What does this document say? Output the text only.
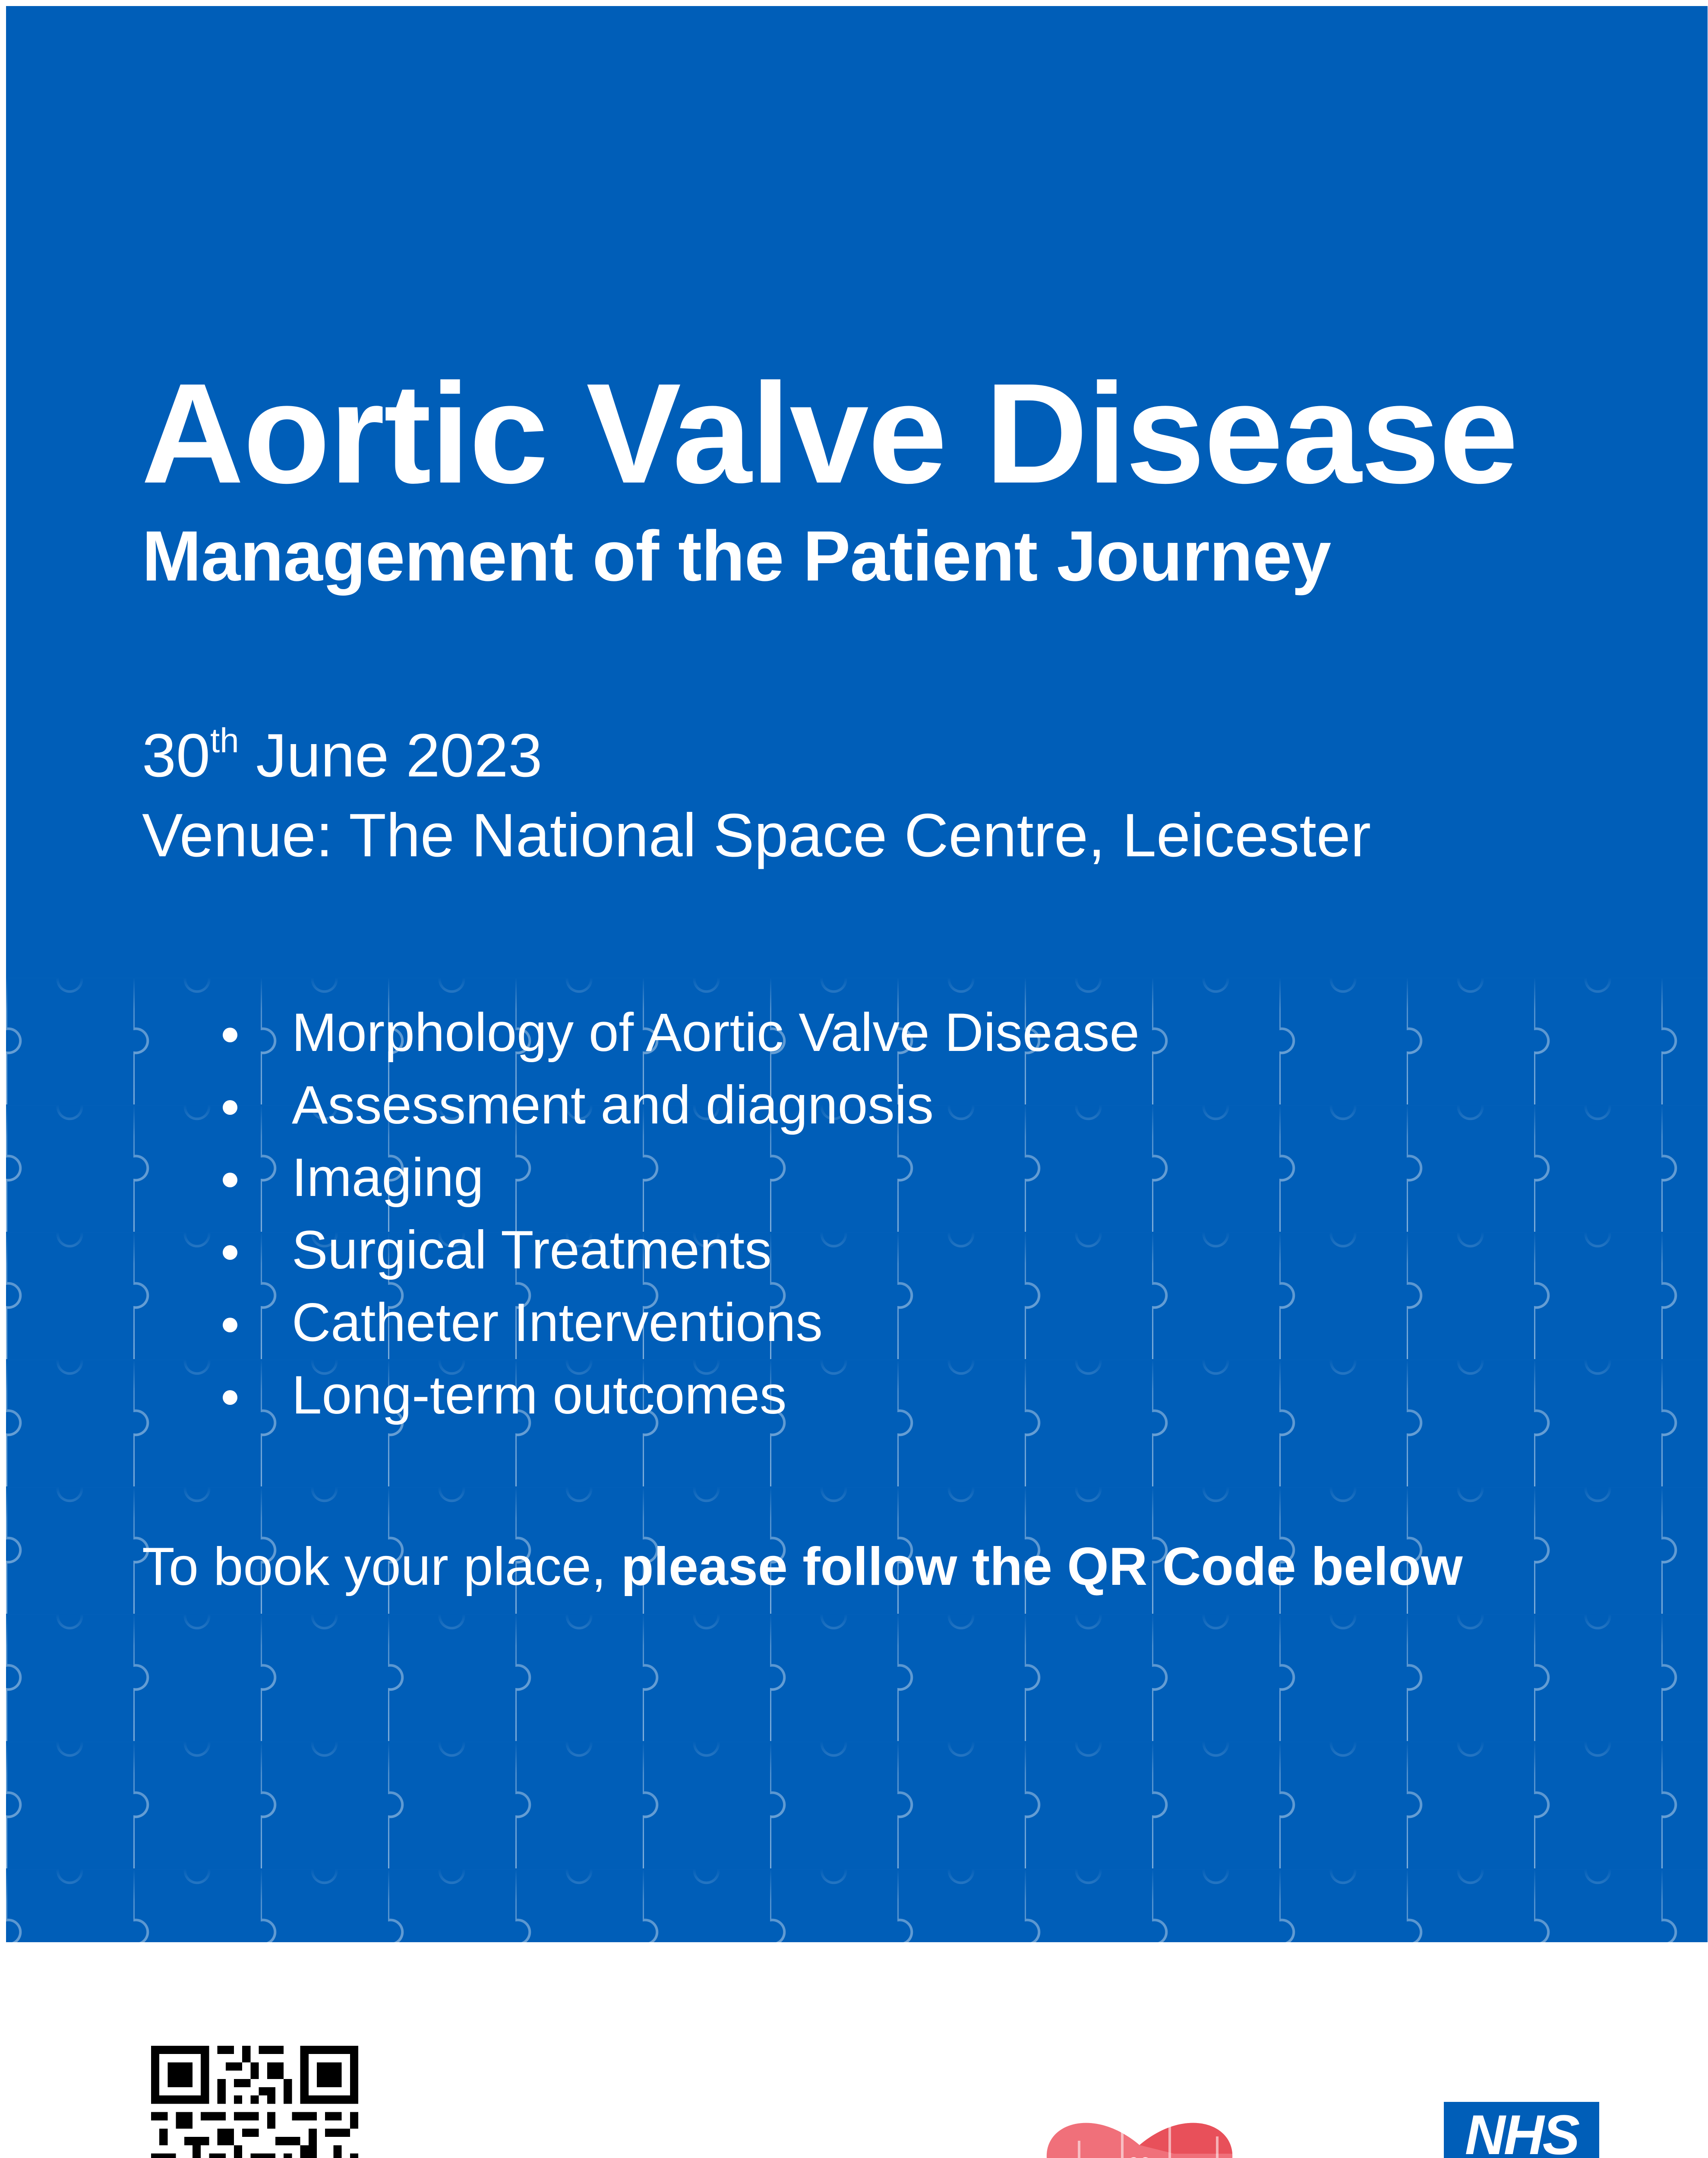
Aortic Valve Disease
Management of the Patient Journey
30th June 2023
Venue: The National Space Centre, Leicester
Morphology of Aortic Valve Disease
Assessment and diagnosis
Imaging
Surgical Treatments
Catheter Interventions
Long-term outcomes
To book your place, please follow the QR Code below
NHS
